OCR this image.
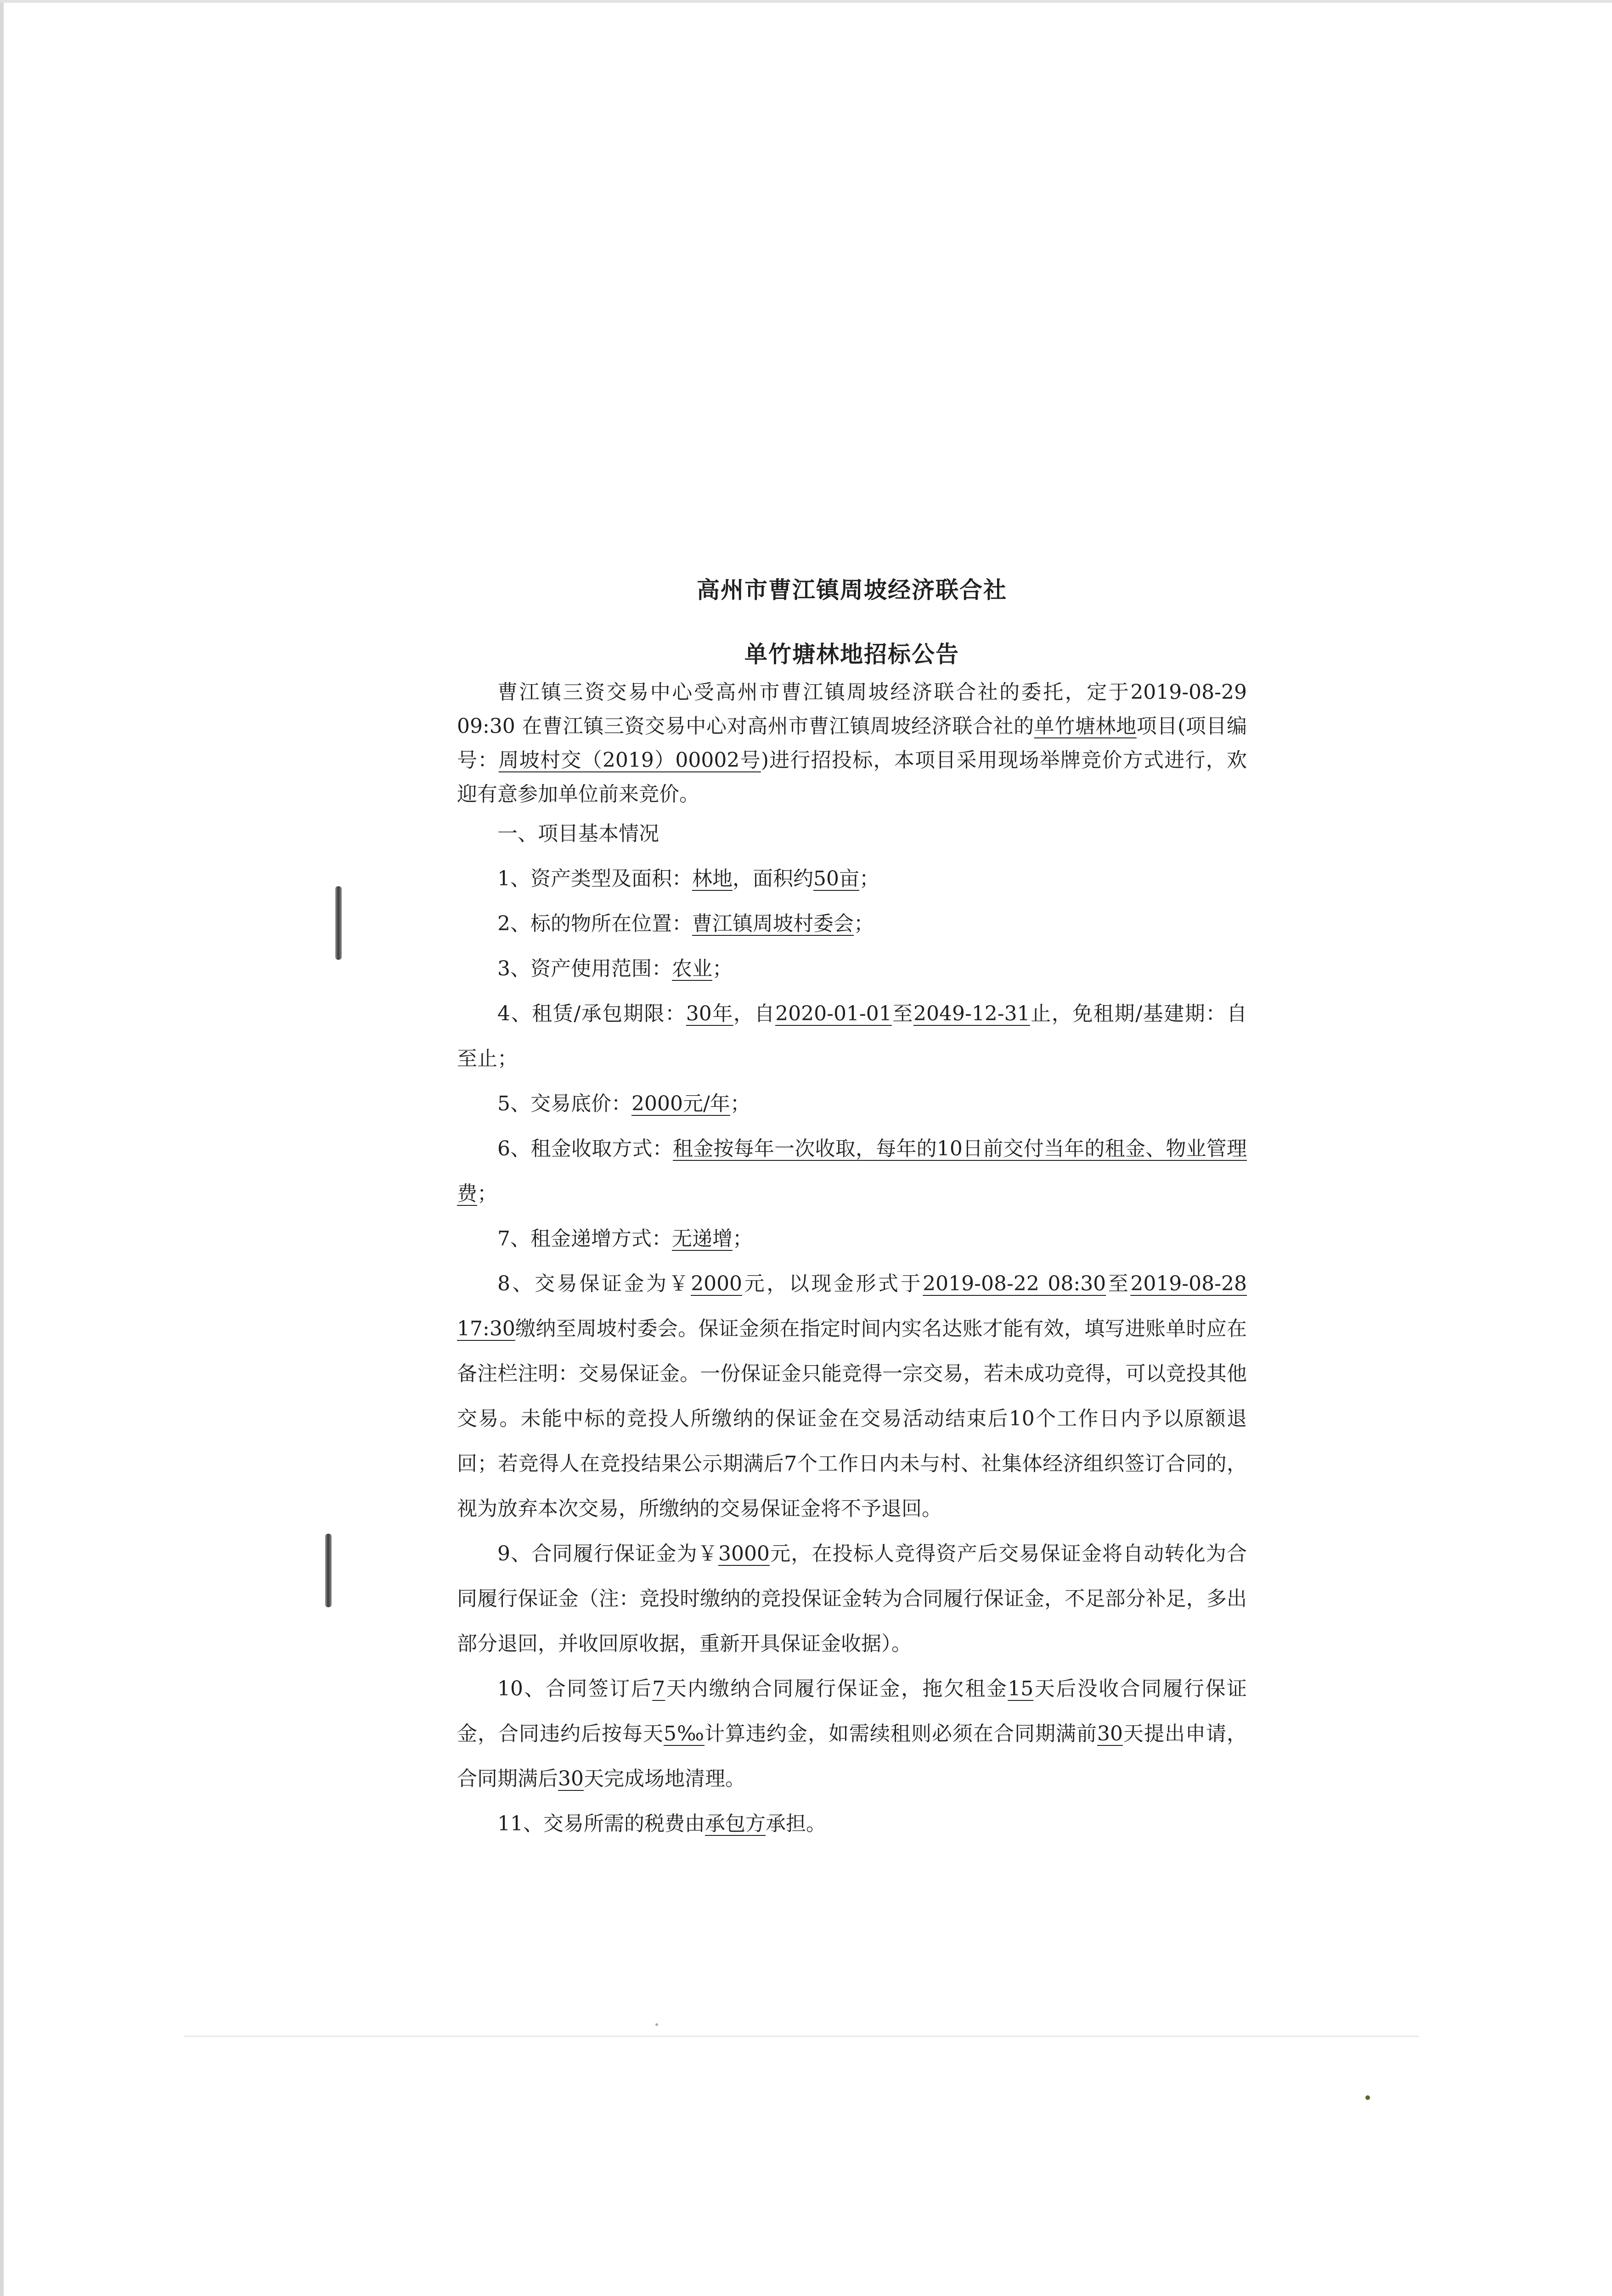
高州市曹江镇周坡经济联合社

单竹塘林地招标公告

曹江镇三资交易中心受高州市曹江镇周坡经济联合社的委托，定于2019-08-29 09:30 在曹江镇三资交易中心对高州市曹江镇周坡经济联合社的单竹塘林地项目(项目编号：周坡村交（2019）00002号)进行招投标，本项目采用现场举牌竞价方式进行，欢迎有意参加单位前来竞价。

一、项目基本情况

1、资产类型及面积：林地，面积约50亩；

2、标的物所在位置：曹江镇周坡村委会；

3、资产使用范围：农业；

4、租赁/承包期限：30年，自2020-01-01至2049-12-31止，免租期/基建期：自至止；

5、交易底价：2000元/年；

6、租金收取方式：租金按每年一次收取，每年的10日前交付当年的租金、物业管理费；

7、租金递增方式：无递增；

8、交易保证金为￥2000元，以现金形式于2019-08-22 08:30至2019-08-28 17:30缴纳至周坡村委会。保证金须在指定时间内实名达账才能有效，填写进账单时应在备注栏注明：交易保证金。一份保证金只能竞得一宗交易，若未成功竞得，可以竞投其他交易。未能中标的竞投人所缴纳的保证金在交易活动结束后10个工作日内予以原额退回；若竞得人在竞投结果公示期满后7个工作日内未与村、社集体经济组织签订合同的，视为放弃本次交易，所缴纳的交易保证金将不予退回。

9、合同履行保证金为￥3000元，在投标人竞得资产后交易保证金将自动转化为合同履行保证金（注：竞投时缴纳的竞投保证金转为合同履行保证金，不足部分补足，多出部分退回，并收回原收据，重新开具保证金收据）。

10、合同签订后7天内缴纳合同履行保证金，拖欠租金15天后没收合同履行保证金，合同违约后按每天5‰计算违约金，如需续租则必须在合同期满前30天提出申请，合同期满后30天完成场地清理。

11、交易所需的税费由承包方承担。
